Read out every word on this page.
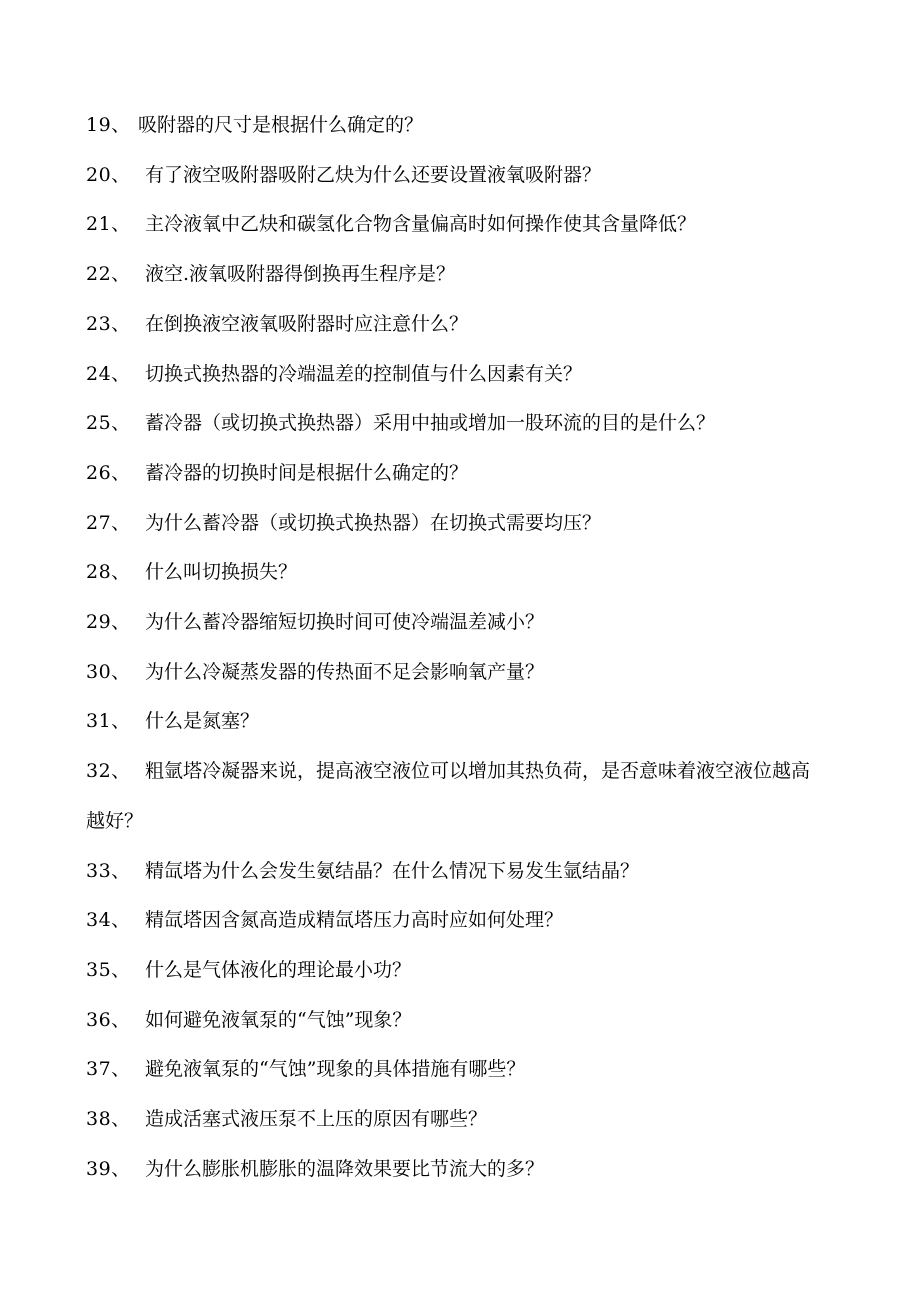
19、 吸附器的尺寸是根据什么确定的？
20、 有了液空吸附器吸附乙炔为什么还要设置液氧吸附器？
21、 主冷液氧中乙炔和碳氢化合物含量偏高时如何操作使其含量降低？
22、 液空.液氧吸附器得倒换再生程序是？
23、 在倒换液空液氧吸附器时应注意什么？
24、 切换式换热器的冷端温差的控制值与什么因素有关？
25、 蓄冷器（或切换式换热器）采用中抽或增加一股环流的目的是什么？
26、 蓄冷器的切换时间是根据什么确定的？
27、 为什么蓄冷器（或切换式换热器）在切换式需要均压？
28、 什么叫切换损失？
29、 为什么蓄冷器缩短切换时间可使冷端温差减小？
30、 为什么冷凝蒸发器的传热面不足会影响氧产量？
31、 什么是氮塞？
32、 粗氩塔冷凝器来说，提高液空液位可以增加其热负荷，是否意味着液空液位越高越好？
33、 精氙塔为什么会发生氨结晶？在什么情况下易发生氩结晶？
34、 精氙塔因含氮高造成精氙塔压力高时应如何处理？
35、 什么是气体液化的理论最小功？
36、 如何避免液氧泵的“气蚀”现象？
37、 避免液氧泵的“气蚀”现象的具体措施有哪些？
38、 造成活塞式液压泵不上压的原因有哪些？
39、 为什么膨胀机膨胀的温降效果要比节流大的多？
